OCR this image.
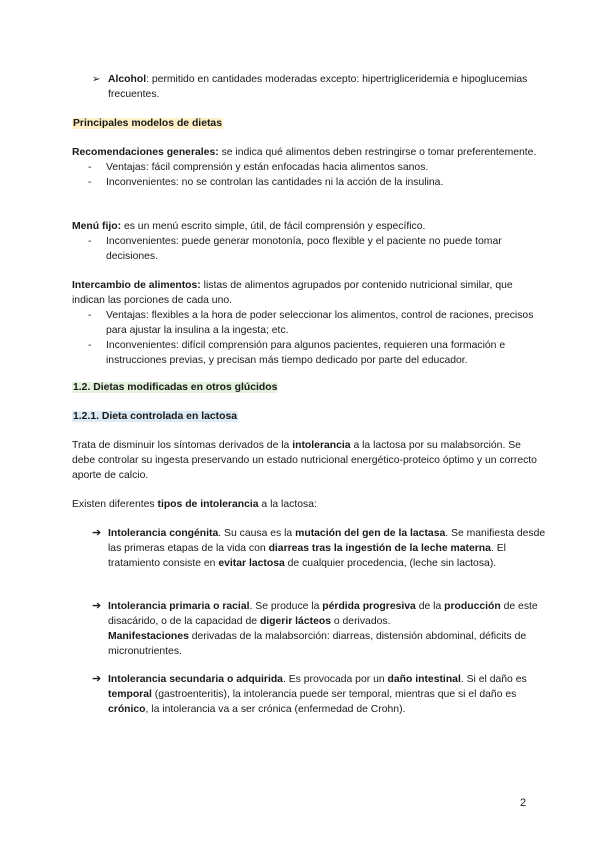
➢ Alcohol: permitido en cantidades moderadas excepto: hipertrigliceridemia e hipoglucemias frecuentes.

Principales modelos de dietas

Recomendaciones generales: se indica qué alimentos deben restringirse o tomar preferentemente.

- Ventajas: fácil comprensión y están enfocadas hacia alimentos sanos.
- Inconvenientes: no se controlan las cantidades ni la acción de la insulina.

Menú fijo: es un menú escrito simple, útil, de fácil comprensión y específico.

- Inconvenientes: puede generar monotonía, poco flexible y el paciente no puede tomar decisiones.

Intercambio de alimentos: listas de alimentos agrupados por contenido nutricional similar, que indican las porciones de cada uno.

- Ventajas: flexibles a la hora de poder seleccionar los alimentos, control de raciones, precisos para ajustar la insulina a la ingesta; etc.
- Inconvenientes: difícil comprensión para algunos pacientes, requieren una formación e instrucciones previas, y precisan más tiempo dedicado por parte del educador.
1.2. Dietas modificadas en otros glúcidos
1.2.1. Dieta controlada en lactosa

Trata de disminuir los síntomas derivados de la intolerancia a la lactosa por su malabsorción. Se debe controlar su ingesta preservando un estado nutricional energético-proteico óptimo y un correcto aporte de calcio.

Existen diferentes tipos de intolerancia a la lactosa:

➔ Intolerancia congénita. Su causa es la mutación del gen de la lactasa. Se manifiesta desde las primeras etapas de la vida con diarreas tras la ingestión de la leche materna. El tratamiento consiste en evitar lactosa de cualquier procedencia, (leche sin lactosa).

➔ Intolerancia primaria o racial. Se produce la pérdida progresiva de la producción de este disacárido, o de la capacidad de digerir lácteos o derivados.

Manifestaciones derivadas de la malabsorción: diarreas, distensión abdominal, déficits de micronutrientes.

➔ Intolerancia secundaria o adquirida. Es provocada por un daño intestinal. Si el daño es temporal (gastroenteritis), la intolerancia puede ser temporal, mientras que si el daño es crónico, la intolerancia va a ser crónica (enfermedad de Crohn).

2
